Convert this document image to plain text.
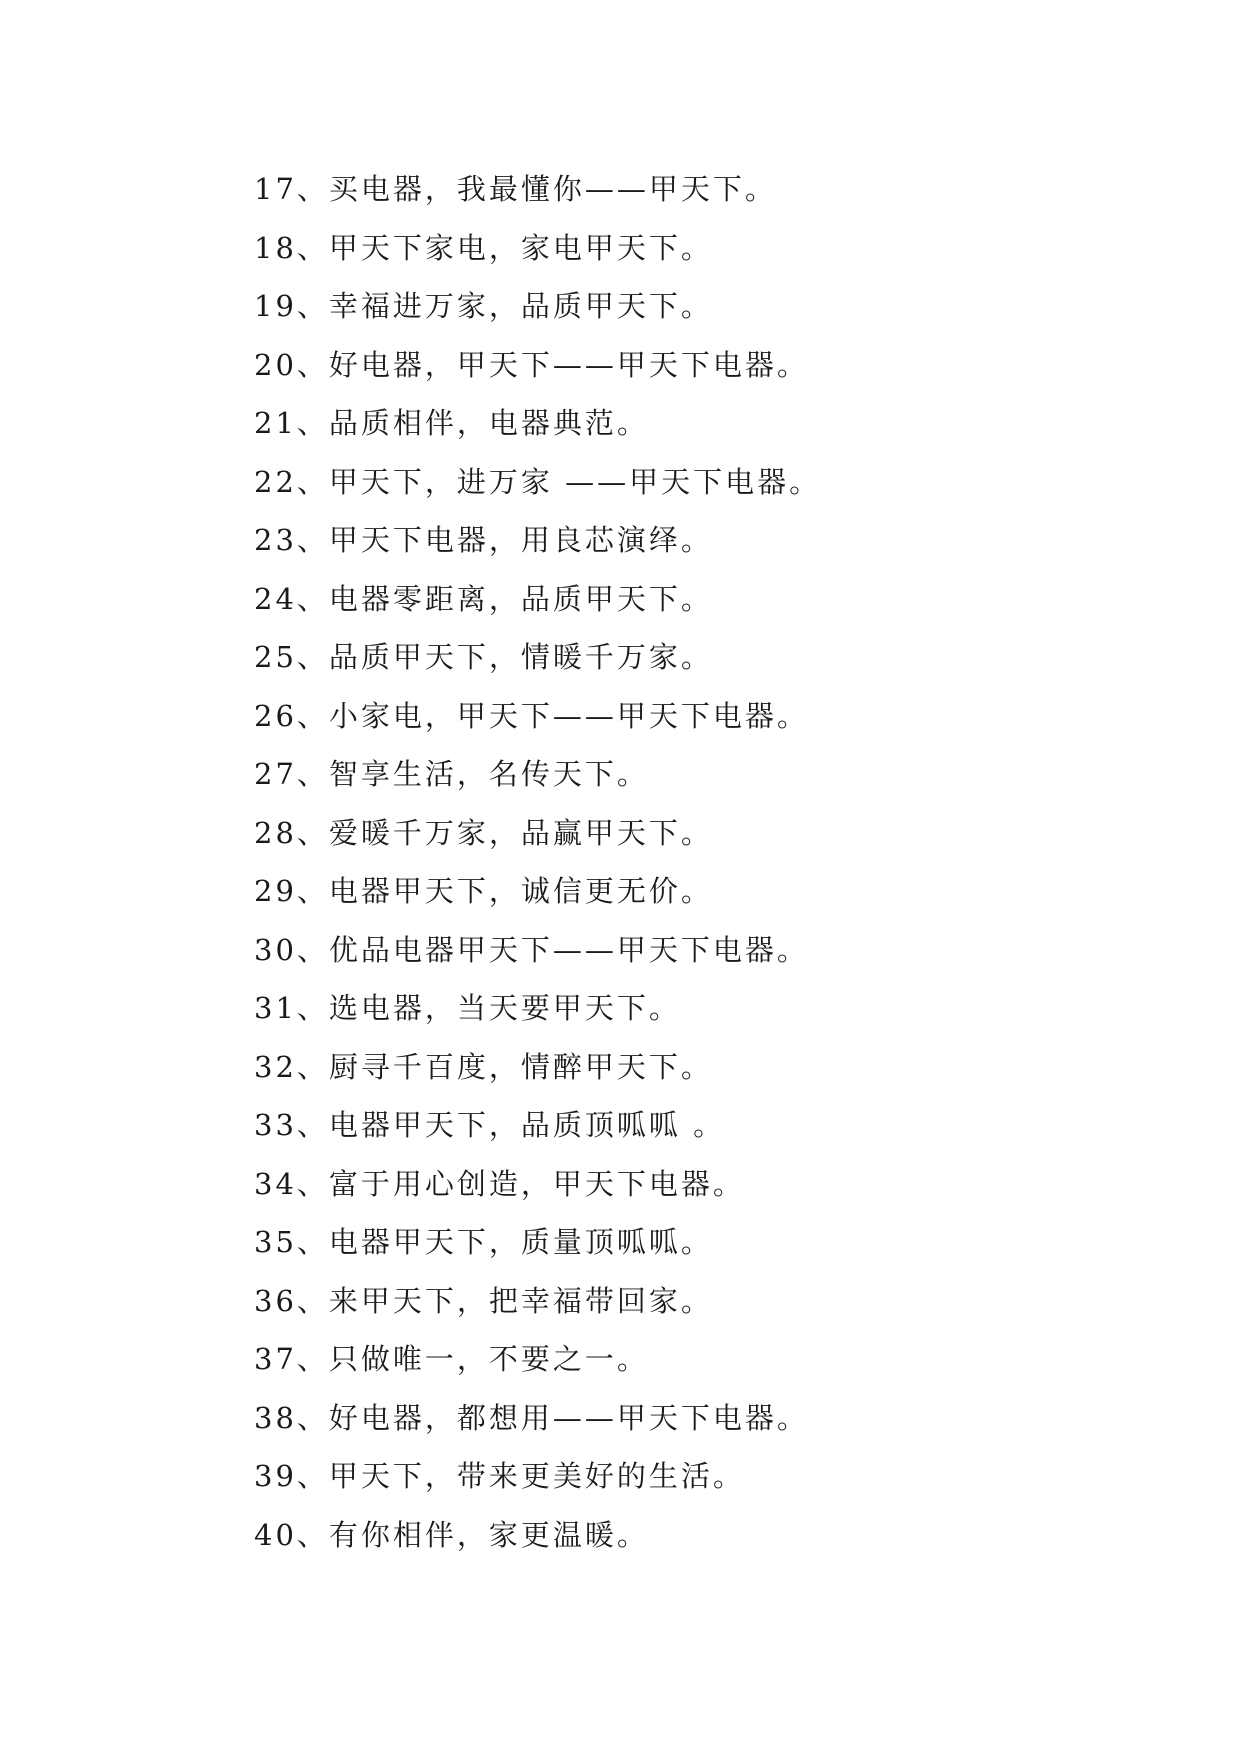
17、买电器，我最懂你——甲天下。
18、甲天下家电，家电甲天下。
19、幸福进万家，品质甲天下。
20、好电器，甲天下——甲天下电器。
21、品质相伴，电器典范。
22、甲天下，进万家 ——甲天下电器。
23、甲天下电器，用良芯演绎。
24、电器零距离，品质甲天下。
25、品质甲天下，情暖千万家。
26、小家电，甲天下——甲天下电器。
27、智享生活，名传天下。
28、爱暖千万家，品赢甲天下。
29、电器甲天下，诚信更无价。
30、优品电器甲天下——甲天下电器。
31、选电器，当天要甲天下。
32、厨寻千百度，情醉甲天下。
33、电器甲天下，品质顶呱呱 。
34、富于用心创造，甲天下电器。
35、电器甲天下，质量顶呱呱。
36、来甲天下，把幸福带回家。
37、只做唯一，不要之一。
38、好电器，都想用——甲天下电器。
39、甲天下，带来更美好的生活。
40、有你相伴，家更温暖。
